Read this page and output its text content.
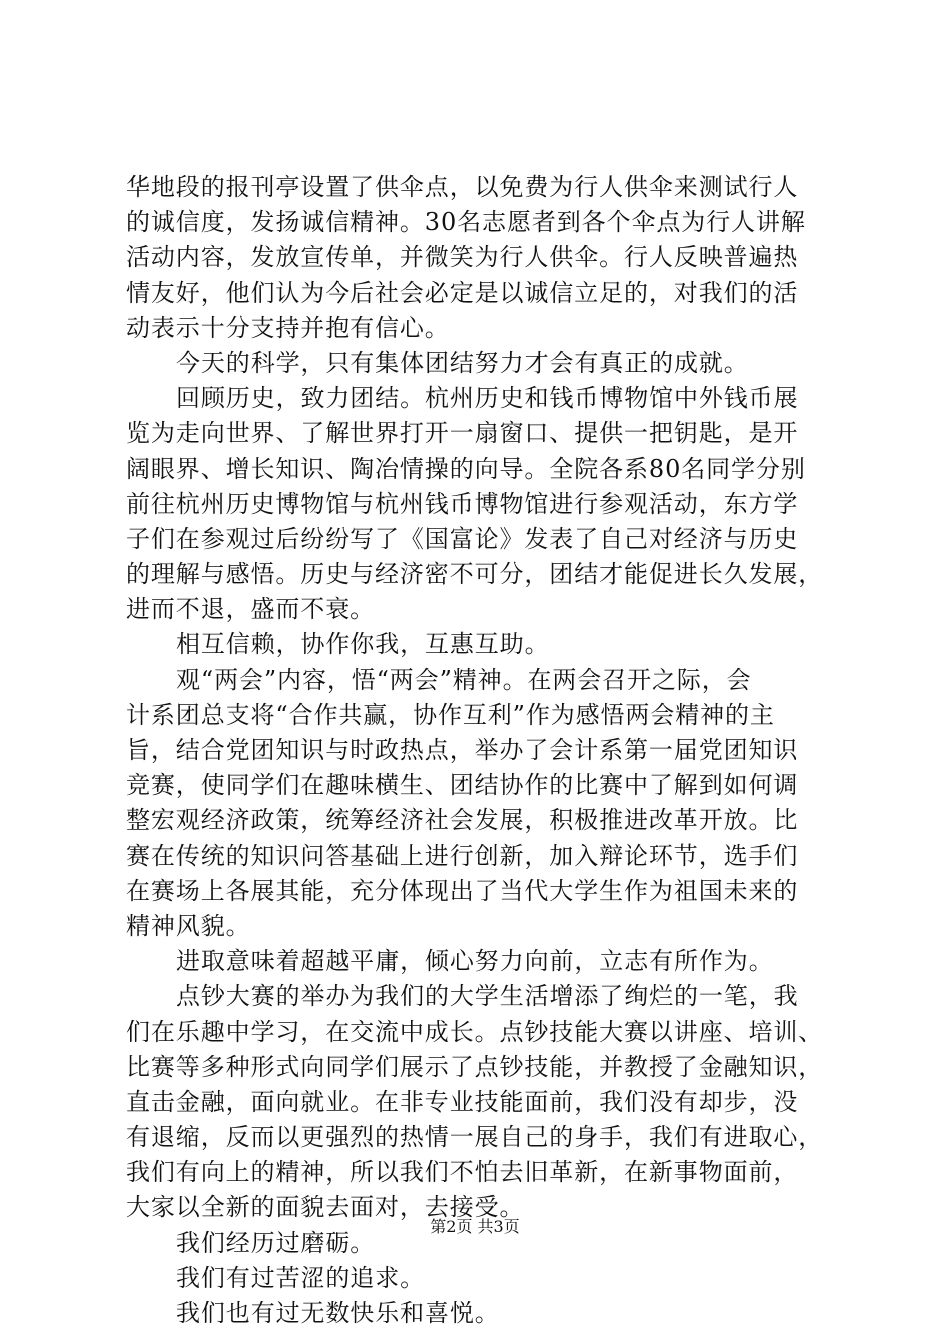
华地段的报刊亭设置了供伞点，以免费为行人供伞来测试行人
的诚信度，发扬诚信精神。30名志愿者到各个伞点为行人讲解
活动内容，发放宣传单，并微笑为行人供伞。行人反映普遍热
情友好，他们认为今后社会必定是以诚信立足的，对我们的活
动表示十分支持并抱有信心。
今天的科学，只有集体团结努力才会有真正的成就。
回顾历史，致力团结。杭州历史和钱币博物馆中外钱币展
览为走向世界、了解世界打开一扇窗口、提供一把钥匙，是开
阔眼界、增长知识、陶冶情操的向导。全院各系80名同学分别
前往杭州历史博物馆与杭州钱币博物馆进行参观活动，东方学
子们在参观过后纷纷写了《国富论》发表了自己对经济与历史
的理解与感悟。历史与经济密不可分，团结才能促进长久发展，
进而不退，盛而不衰。
相互信赖，协作你我，互惠互助。
观“两会”内容，悟“两会”精神。在两会召开之际，会
计系团总支将“合作共赢，协作互利”作为感悟两会精神的主
旨，结合党团知识与时政热点，举办了会计系第一届党团知识
竞赛，使同学们在趣味横生、团结协作的比赛中了解到如何调
整宏观经济政策，统筹经济社会发展，积极推进改革开放。比
赛在传统的知识问答基础上进行创新，加入辩论环节，选手们
在赛场上各展其能，充分体现出了当代大学生作为祖国未来的
精神风貌。
进取意味着超越平庸，倾心努力向前，立志有所作为。
点钞大赛的举办为我们的大学生活增添了绚烂的一笔，我
们在乐趣中学习，在交流中成长。点钞技能大赛以讲座、培训、
比赛等多种形式向同学们展示了点钞技能，并教授了金融知识，
直击金融，面向就业。在非专业技能面前，我们没有却步，没
有退缩，反而以更强烈的热情一展自己的身手，我们有进取心，
我们有向上的精神，所以我们不怕去旧革新，在新事物面前，
大家以全新的面貌去面对，去接受。
我们经历过磨砺。
我们有过苦涩的追求。
我们也有过无数快乐和喜悦。
第2页 共3页
